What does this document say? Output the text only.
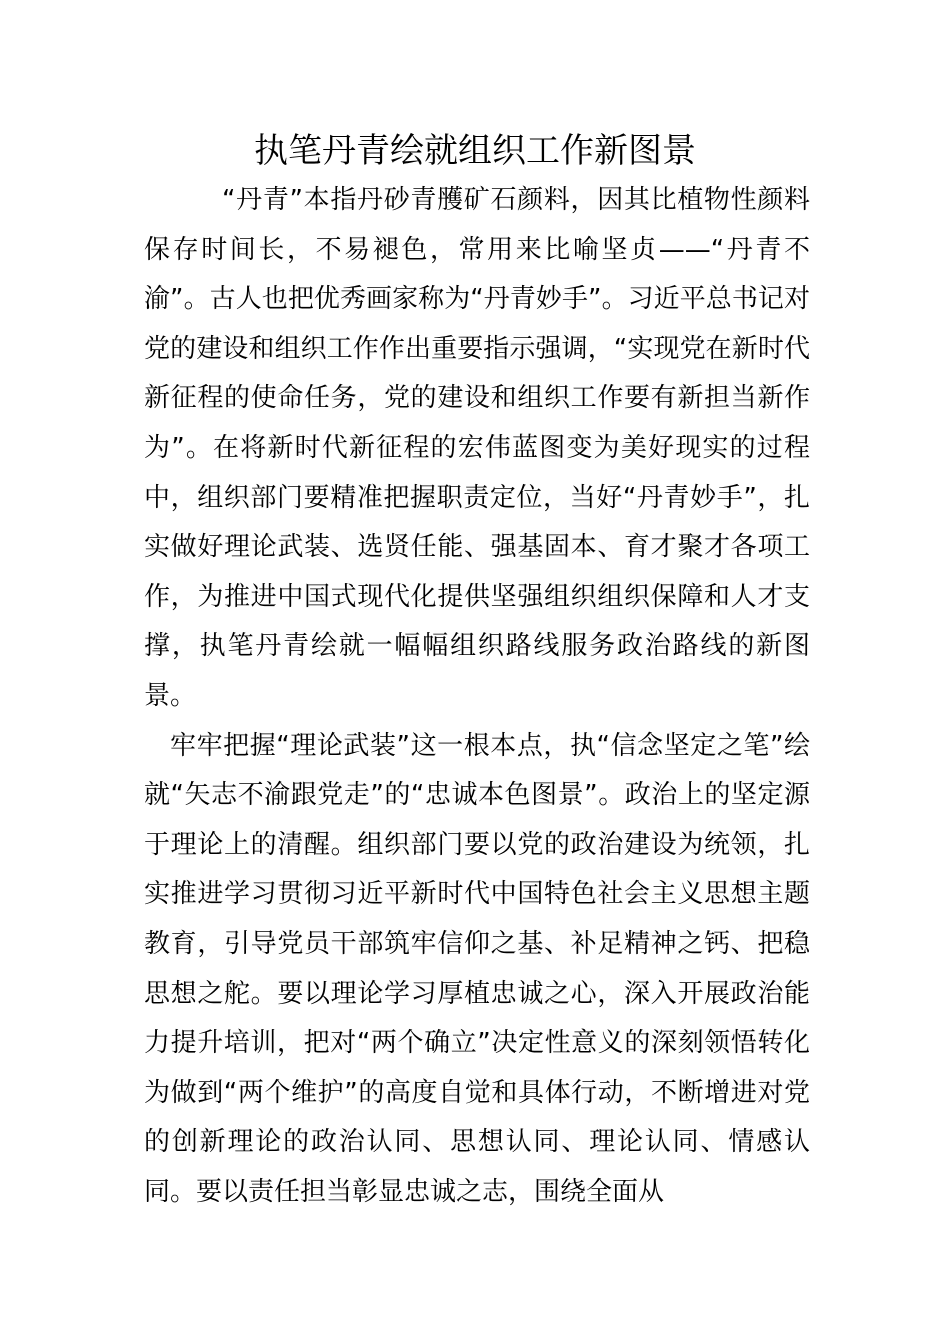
执笔丹青绘就组织工作新图景

“丹青”本指丹砂青雘矿石颜料，因其比植物性颜料保存时间长，不易褪色，常用来比喻坚贞——“丹青不渝”。古人也把优秀画家称为“丹青妙手”。习近平总书记对党的建设和组织工作作出重要指示强调，“实现党在新时代新征程的使命任务，党的建设和组织工作要有新担当新作为”。在将新时代新征程的宏伟蓝图变为美好现实的过程中，组织部门要精准把握职责定位，当好“丹青妙手”，扎实做好理论武装、选贤任能、强基固本、育才聚才各项工作，为推进中国式现代化提供坚强组织组织保障和人才支撑，执笔丹青绘就一幅幅组织路线服务政治路线的新图景。

牢牢把握“理论武装”这一根本点，执“信念坚定之笔”绘就“矢志不渝跟党走”的“忠诚本色图景”。政治上的坚定源于理论上的清醒。组织部门要以党的政治建设为统领，扎实推进学习贯彻习近平新时代中国特色社会主义思想主题教育，引导党员干部筑牢信仰之基、补足精神之钙、把稳思想之舵。要以理论学习厚植忠诚之心，深入开展政治能力提升培训，把对“两个确立”决定性意义的深刻领悟转化为做到“两个维护”的高度自觉和具体行动，不断增进对党的创新理论的政治认同、思想认同、理论认同、情感认同。要以责任担当彰显忠诚之志，围绕全面从
